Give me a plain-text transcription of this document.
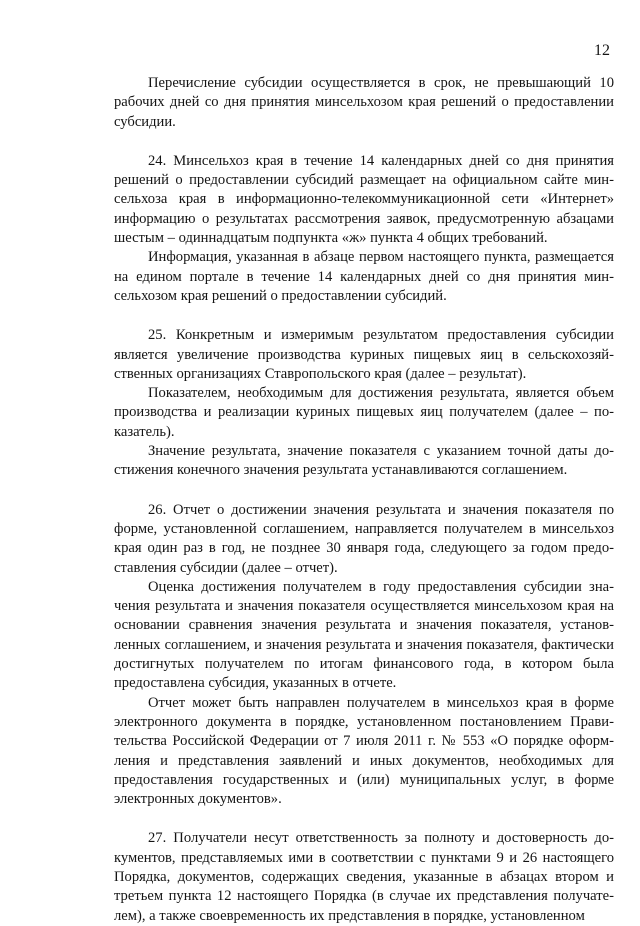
12

Перечисление субсидии осуществляется в срок, не превышающий 10 рабочих дней со дня принятия минсельхозом края решений о предоставлении субсидии.

24. Минсельхоз края в течение 14 календарных дней со дня принятия решений о предоставлении субсидий размещает на официальном сайте минсельхоза края в информационно-телекоммуникационной сети «Интернет» информацию о результатах рассмотрения заявок, предусмотренную абзацами шестым – одиннадцатым подпункта «ж» пункта 4 общих требований.

Информация, указанная в абзаце первом настоящего пункта, размещается на едином портале в течение 14 календарных дней со дня принятия минсельхозом края решений о предоставлении субсидий.

25. Конкретным и измеримым результатом предоставления субсидии является увеличение производства куриных пищевых яиц в сельскохозяйственных организациях Ставропольского края (далее – результат).

Показателем, необходимым для достижения результата, является объем производства и реализации куриных пищевых яиц получателем (далее – показатель).

Значение результата, значение показателя с указанием точной даты достижения конечного значения результата устанавливаются соглашением.

26. Отчет о достижении значения результата и значения показателя по форме, установленной соглашением, направляется получателем в минсельхоз края один раз в год, не позднее 30 января года, следующего за годом предоставления субсидии (далее – отчет).

Оценка достижения получателем в году предоставления субсидии значения результата и значения показателя осуществляется минсельхозом края на основании сравнения значения результата и значения показателя, установленных соглашением, и значения результата и значения показателя, фактически достигнутых получателем по итогам финансового года, в котором была предоставлена субсидия, указанных в отчете.

Отчет может быть направлен получателем в минсельхоз края в форме электронного документа в порядке, установленном постановлением Правительства Российской Федерации от 7 июля 2011 г. № 553 «О порядке оформления и представления заявлений и иных документов, необходимых для предоставления государственных и (или) муниципальных услуг, в форме электронных документов».

27. Получатели несут ответственность за полноту и достоверность документов, представляемых ими в соответствии с пунктами 9 и 26 настоящего Порядка, документов, содержащих сведения, указанные в абзацах втором и третьем пункта 12 настоящего Порядка (в случае их представления получателем), а также своевременность их представления в порядке, установленном
